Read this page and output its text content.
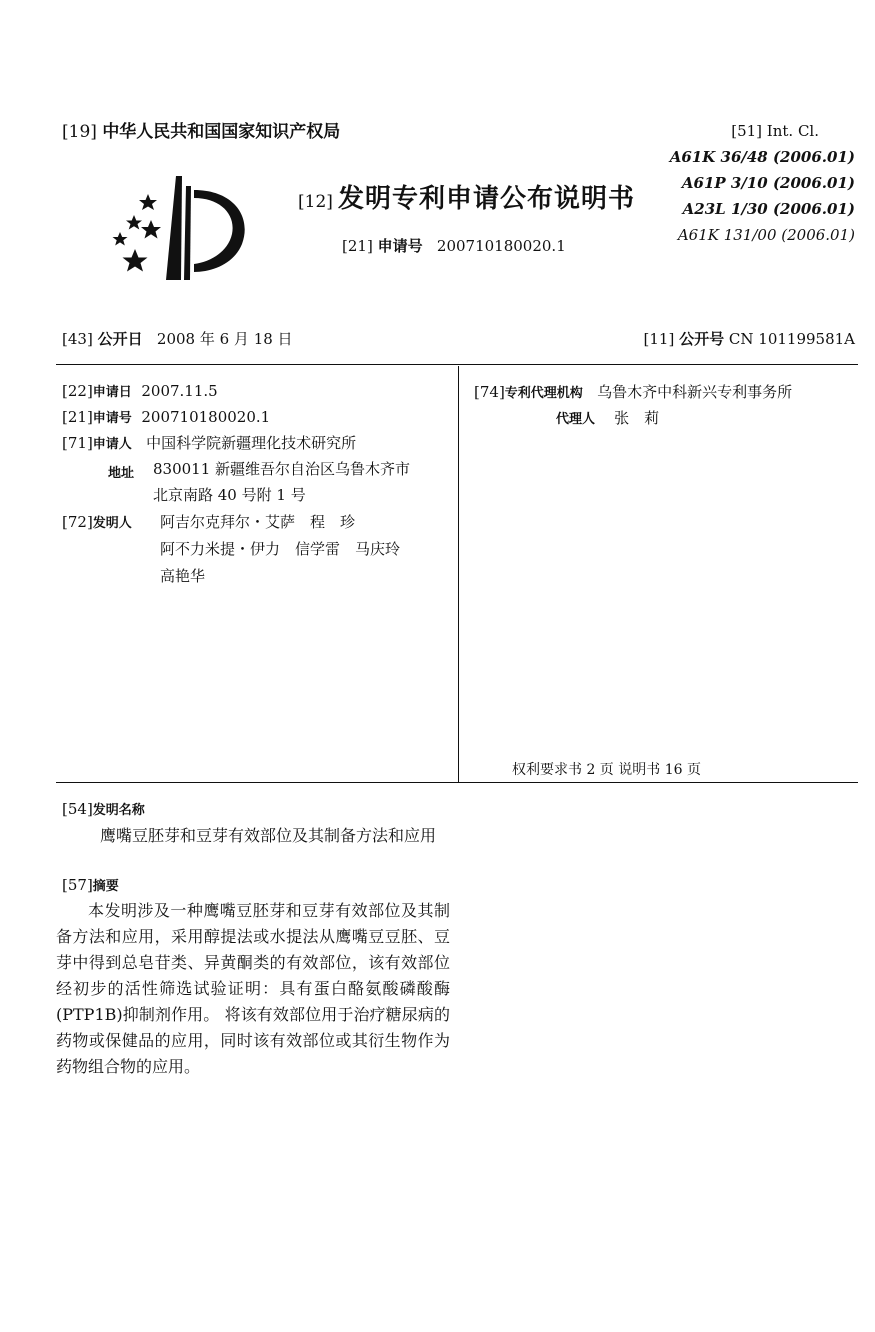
[19] 中华人民共和国国家知识产权局
[12] 发明专利申请公布说明书
[21] 申请号 200710180020.1
[51] Int. Cl.
A61K 36/48 (2006.01)
A61P 3/10 (2006.01)
A23L 1/30 (2006.01)
A61K 131/00 (2006.01)
[43] 公开日 2008 年 6 月 18 日	[11] 公开号 CN 101199581A
[22]申请日 2007.11.5
[21]申请号 200710180020.1
[71]申请人 中国科学院新疆理化技术研究所
地址 830011 新疆维吾尔自治区乌鲁木齐市
北京南路 40 号附 1 号
[72]发明人 阿吉尔克拜尔・艾萨　程　珍
阿不力米提・伊力　信学雷　马庆玲
高艳华
[74]专利代理机构 乌鲁木齐中科新兴专利事务所
代理人 张　莉
权利要求书 2 页 说明书 16 页
[54]发明名称
鹰嘴豆胚芽和豆芽有效部位及其制备方法和应用
[57]摘要
本发明涉及一种鹰嘴豆胚芽和豆芽有效部位及其制备方法和应用，采用醇提法或水提法从鹰嘴豆豆胚、豆芽中得到总皂苷类、异黄酮类的有效部位，该有效部位经初步的活性筛选试验证明：具有蛋白酪氨酸磷酸酶(PTP1B)抑制剂作用。 将该有效部位用于治疗糖尿病的药物或保健品的应用，同时该有效部位或其衍生物作为药物组合物的应用。
